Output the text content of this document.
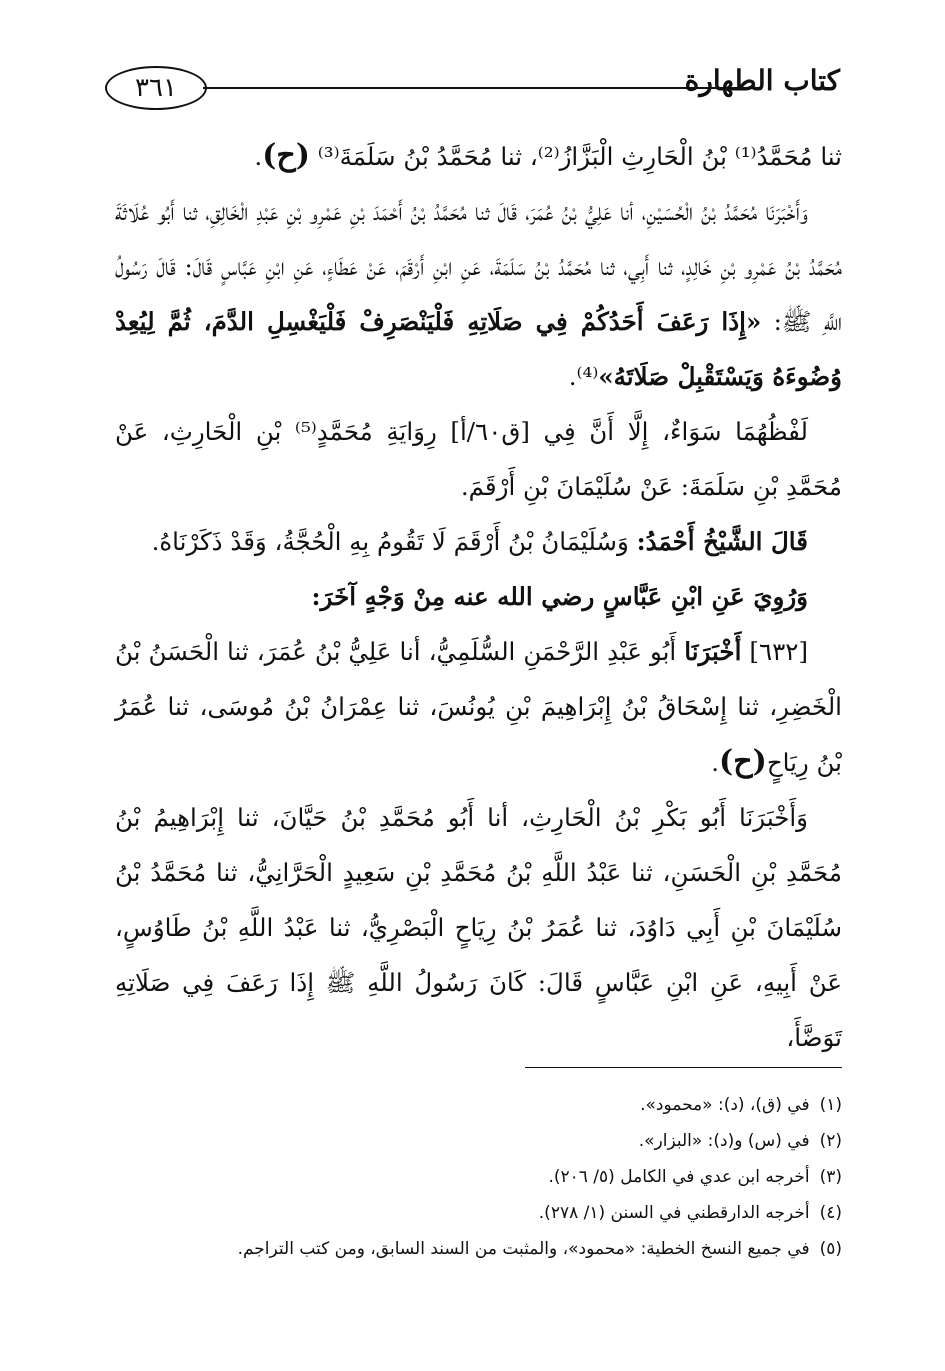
٣٦١	كتاب الطهارة

ثنا مُحَمَّدُ⁽¹⁾ بْنُ الْحَارِثِ الْبَزَّازُ⁽²⁾، ثنا مُحَمَّدُ بْنُ سَلَمَةَ⁽³⁾ (ح).

وَأَخْبَرَنَا مُحَمَّدُ بْنُ الْحُسَيْنِ، أنا عَلِيُّ بْنُ عُمَرَ، قَالَ ثنا مُحَمَّدُ بْنُ أَحْمَدَ بْنِ عَمْرِو بْنِ عَبْدِ الْخَالِقِ، ثنا أَبُو عُلَاثَةَ مُحَمَّدُ بْنُ عَمْرِو بْنِ خَالِدٍ، ثنا أَبِي، ثنا مُحَمَّدُ بْنُ سَلَمَةَ، عَنِ ابْنِ أَرْقَمَ، عَنْ عَطَاءٍ، عَنِ ابْنِ عَبَّاسٍ قَالَ: قَالَ رَسُولُ اللَّهِ ﷺ: «إِذَا رَعَفَ أَحَدُكُمْ فِي صَلَاتِهِ فَلْيَنْصَرِفْ فَلْيَغْسِلِ الدَّمَ، ثُمَّ لِيُعِدْ وُضُوءَهُ وَيَسْتَقْبِلْ صَلَاتَهُ»⁽⁴⁾.

لَفْظُهُمَا سَوَاءٌ، إِلَّا أَنَّ فِي [ق٦٠/أ] رِوَايَةِ مُحَمَّدٍ⁽⁵⁾ بْنِ الْحَارِثِ، عَنْ مُحَمَّدِ بْنِ سَلَمَةَ: عَنْ سُلَيْمَانَ بْنِ أَرْقَمَ.

قَالَ الشَّيْخُ أَحْمَدُ: وَسُلَيْمَانُ بْنُ أَرْقَمَ لَا تَقُومُ بِهِ الْحُجَّةُ، وَقَدْ ذَكَرْنَاهُ.

وَرُوِيَ عَنِ ابْنِ عَبَّاسٍ رضي الله عنه مِنْ وَجْهٍ آخَرَ:

[٦٣٢] أَخْبَرَنَا أَبُو عَبْدِ الرَّحْمَنِ السُّلَمِيُّ، أنا عَلِيُّ بْنُ عُمَرَ، ثنا الْحَسَنُ بْنُ الْخَضِرِ، ثنا إِسْحَاقُ بْنُ إِبْرَاهِيمَ بْنِ يُونُسَ، ثنا عِمْرَانُ بْنُ مُوسَى، ثنا عُمَرُ بْنُ رِيَاحٍ(ح).

وَأَخْبَرَنَا أَبُو بَكْرِ بْنُ الْحَارِثِ، أنا أَبُو مُحَمَّدِ بْنُ حَيَّانَ، ثنا إِبْرَاهِيمُ بْنُ مُحَمَّدِ بْنِ الْحَسَنِ، ثنا عَبْدُ اللَّهِ بْنُ مُحَمَّدِ بْنِ سَعِيدٍ الْحَرَّانِيُّ، ثنا مُحَمَّدُ بْنُ سُلَيْمَانَ بْنِ أَبِي دَاوُدَ، ثنا عُمَرُ بْنُ رِيَاحٍ الْبَصْرِيُّ، ثنا عَبْدُ اللَّهِ بْنُ طَاوُسٍ، عَنْ أَبِيهِ، عَنِ ابْنِ عَبَّاسٍ قَالَ: كَانَ رَسُولُ اللَّهِ ﷺ إِذَا رَعَفَ فِي صَلَاتِهِ تَوَضَّأَ،

(١)في (ق)، (د): «محمود».
(٢)في (س) و(د): «البزار».
(٣)أخرجه ابن عدي في الكامل (٥/ ٢٠٦).
(٤)أخرجه الدارقطني في السنن (١/ ٢٧٨).
(٥)في جميع النسخ الخطية: «محمود»، والمثبت من السند السابق، ومن كتب التراجم.
